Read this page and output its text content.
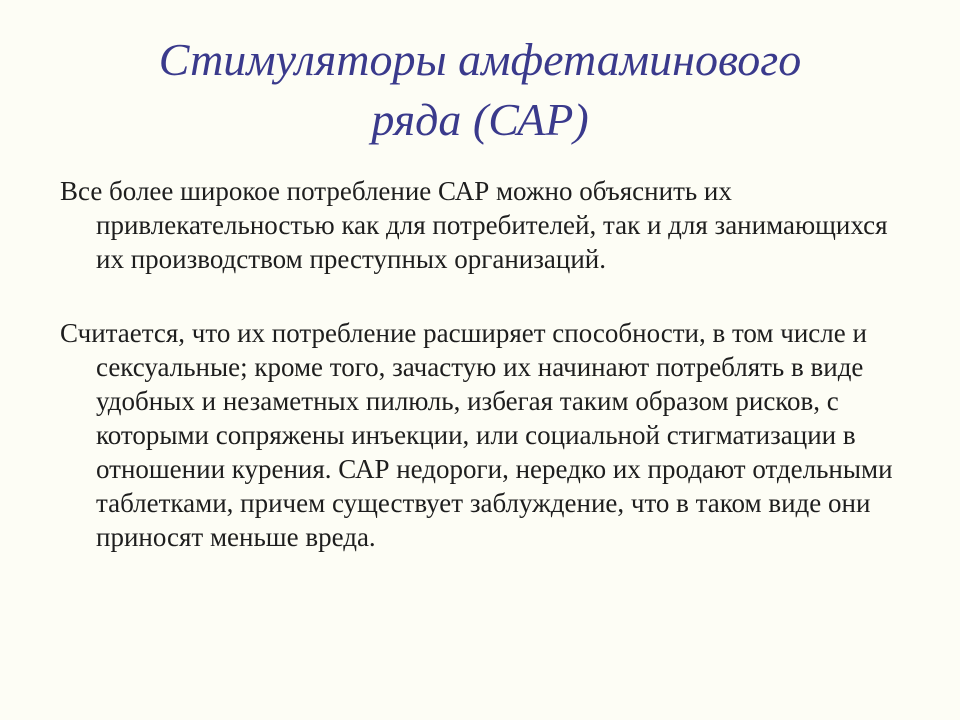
Стимуляторы амфетаминового
ряда (САР)
Все более широкое потребление САР можно объяснить их привлекательностью как для потребителей, так и для занимающихся их производством преступных организаций.
Считается, что их потребление расширяет способности, в том числе и сексуальные; кроме того, зачастую их начинают потреблять в виде удобных и незаметных пилюль, избегая таким образом рисков, с которыми сопряжены инъекции, или социальной стигматизации в отношении курения. САР недороги, нередко их продают отдельными таблетками, причем существует заблуждение, что в таком виде они приносят меньше вреда.
